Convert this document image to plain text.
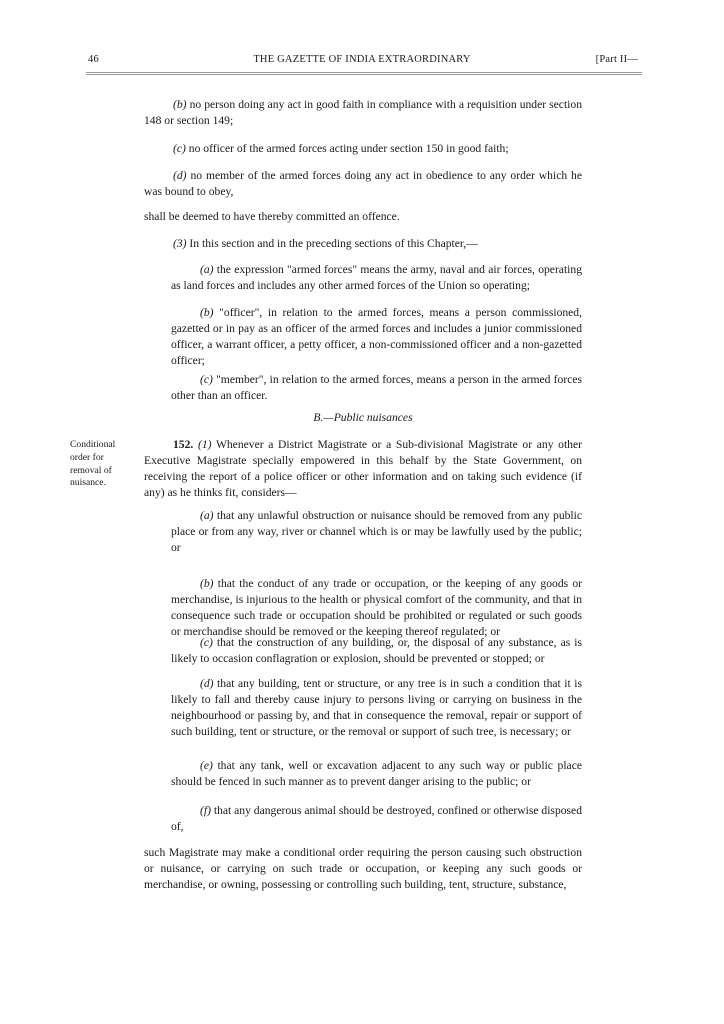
46	THE GAZETTE OF INDIA EXTRAORDINARY	[Part II—

(b) no person doing any act in good faith in compliance with a requisition under section 148 or section 149;

(c) no officer of the armed forces acting under section 150 in good faith;

(d) no member of the armed forces doing any act in obedience to any order which he was bound to obey,

shall be deemed to have thereby committed an offence.

(3) In this section and in the preceding sections of this Chapter,—

(a) the expression "armed forces" means the army, naval and air forces, operating as land forces and includes any other armed forces of the Union so operating;

(b) "officer", in relation to the armed forces, means a person commissioned, gazetted or in pay as an officer of the armed forces and includes a junior commissioned officer, a warrant officer, a petty officer, a non-commissioned officer and a non-gazetted officer;

(c) "member", in relation to the armed forces, means a person in the armed forces other than an officer.

B.—Public nuisances
Conditional order for removal of nuisance.

152. (1) Whenever a District Magistrate or a Sub-divisional Magistrate or any other Executive Magistrate specially empowered in this behalf by the State Government, on receiving the report of a police officer or other information and on taking such evidence (if any) as he thinks fit, considers—

(a) that any unlawful obstruction or nuisance should be removed from any public place or from any way, river or channel which is or may be lawfully used by the public; or

(b) that the conduct of any trade or occupation, or the keeping of any goods or merchandise, is injurious to the health or physical comfort of the community, and that in consequence such trade or occupation should be prohibited or regulated or such goods or merchandise should be removed or the keeping thereof regulated; or

(c) that the construction of any building, or, the disposal of any substance, as is likely to occasion conflagration or explosion, should be prevented or stopped; or

(d) that any building, tent or structure, or any tree is in such a condition that it is likely to fall and thereby cause injury to persons living or carrying on business in the neighbourhood or passing by, and that in consequence the removal, repair or support of such building, tent or structure, or the removal or support of such tree, is necessary; or

(e) that any tank, well or excavation adjacent to any such way or public place should be fenced in such manner as to prevent danger arising to the public; or

(f) that any dangerous animal should be destroyed, confined or otherwise disposed of,

such Magistrate may make a conditional order requiring the person causing such obstruction or nuisance, or carrying on such trade or occupation, or keeping any such goods or merchandise, or owning, possessing or controlling such building, tent, structure, substance,
